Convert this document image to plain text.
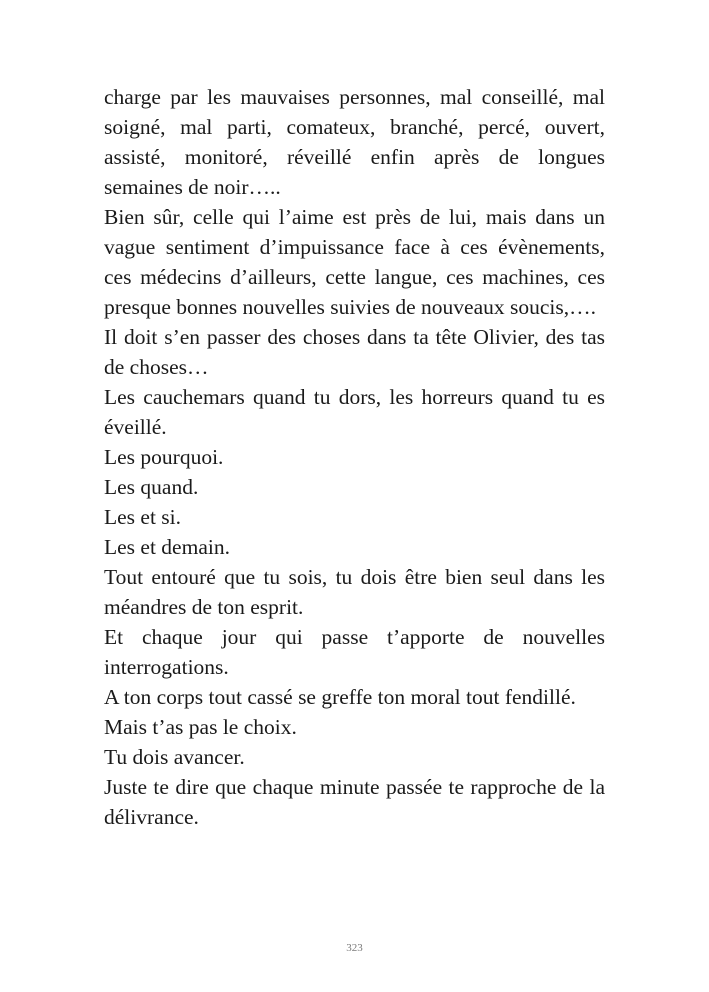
charge par les mauvaises personnes, mal conseillé, mal soigné, mal parti, comateux, branché, percé, ouvert, assisté, monitoré, réveillé enfin après de longues semaines de noir…..

Bien sûr, celle qui l’aime est près de lui, mais dans un vague sentiment d’impuissance face à ces évènements, ces médecins d’ailleurs, cette langue, ces machines, ces presque bonnes nouvelles suivies de nouveaux soucis,….

Il doit s’en passer des choses dans ta tête Olivier, des tas de choses…

Les cauchemars quand tu dors, les horreurs quand tu es éveillé.

Les pourquoi.

Les quand.

Les et si.

Les et demain.

Tout entouré que tu sois, tu dois être bien seul dans les méandres de ton esprit.

Et chaque jour qui passe t’apporte de nouvelles interrogations.

A ton corps tout cassé se greffe ton moral tout fendillé.

Mais t’as pas le choix.

Tu dois avancer.

Juste te dire que chaque minute passée te rapproche de la délivrance.

323
